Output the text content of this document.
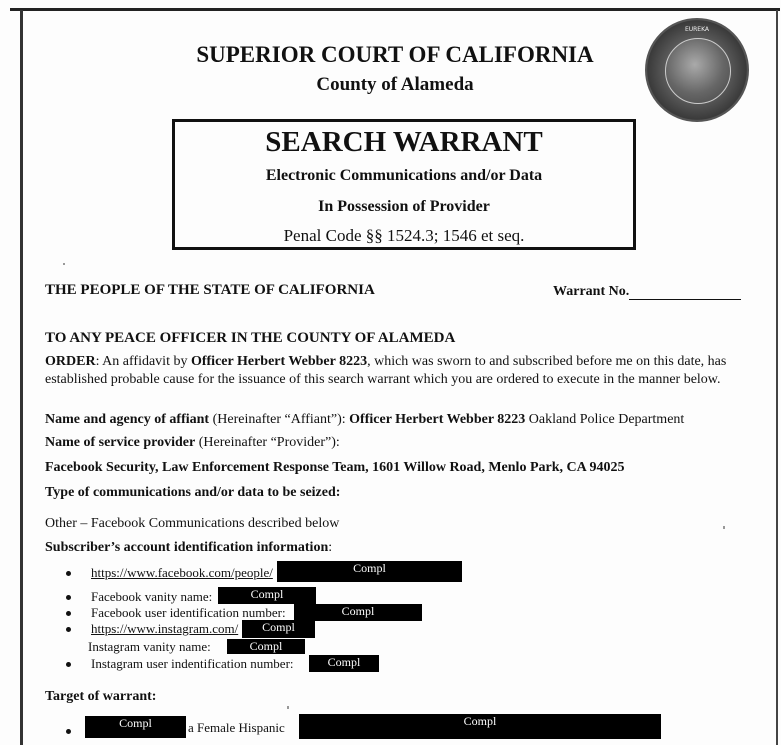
SUPERIOR COURT OF CALIFORNIA
County of Alameda
EUREKA
SEARCH WARRANT
Electronic Communications and/or Data
In Possession of Provider
Penal Code §§ 1524.3; 1546 et seq.
THE PEOPLE OF THE STATE OF CALIFORNIA	Warrant No.
TO ANY PEACE OFFICER IN THE COUNTY OF ALAMEDA
ORDER: An affidavit by Officer Herbert Webber 8223, which was sworn to and subscribed before me on this date, has
established probable cause for the issuance of this search warrant which you are ordered to execute in the manner below.
Name and agency of affiant (Hereinafter “Affiant”): Officer Herbert Webber 8223 Oakland Police Department
Name of service provider (Hereinafter “Provider”):
Facebook Security, Law Enforcement Response Team, 1601 Willow Road, Menlo Park, CA 94025
Type of communications and/or data to be seized:
Other – Facebook Communications described below
Subscriber’s account identification information:
https://www.facebook.com/people/	Compl
Facebook vanity name:	Compl
Facebook user identification number:	Compl
https://www.instagram.com/	Compl
Instagram vanity name:	Compl
Instagram user indentification number:	Compl
Target of warrant:
Compl	a Female Hispanic	Compl
